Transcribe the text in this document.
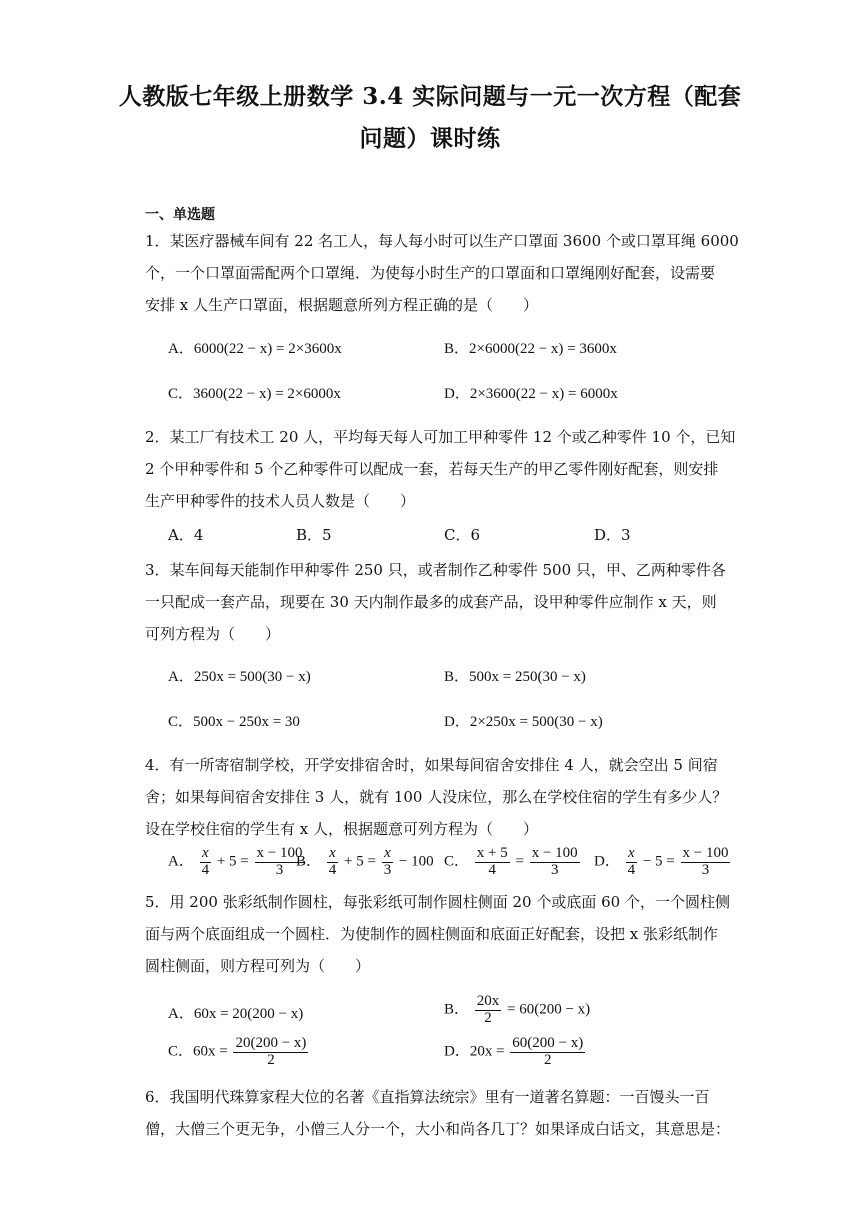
人教版七年级上册数学 3.4 实际问题与一元一次方程（配套
问题）课时练
一、单选题
1．某医疗器械车间有 22 名工人，每人每小时可以生产口罩面 3600 个或口罩耳绳 6000
个，一个口罩面需配两个口罩绳．为使每小时生产的口罩面和口罩绳刚好配套，设需要
安排 x 人生产口罩面，根据题意所列方程正确的是（　　）
A．6000(22 − x) = 2×3600x	B．2×6000(22 − x) = 3600x
C．3600(22 − x) = 2×6000x	D．2×3600(22 − x) = 6000x
2．某工厂有技术工 20 人，平均每天每人可加工甲种零件 12 个或乙种零件 10 个，已知
2 个甲种零件和 5 个乙种零件可以配成一套，若每天生产的甲乙零件刚好配套，则安排
生产甲种零件的技术人员人数是（　　）
A．4	B．5	C．6	D．3
3．某车间每天能制作甲种零件 250 只，或者制作乙种零件 500 只，甲、乙两种零件各
一只配成一套产品，现要在 30 天内制作最多的成套产品，设甲种零件应制作 x 天，则
可列方程为（　　）
A．250x = 500(30 − x)	B．500x = 250(30 − x)
C．500x − 250x = 30	D．2×250x = 500(30 − x)
4．有一所寄宿制学校，开学安排宿舍时，如果每间宿舍安排住 4 人，就会空出 5 间宿
舍；如果每间宿舍安排住 3 人，就有 100 人没床位，那么在学校住宿的学生有多少人？
设在学校住宿的学生有 x 人，根据题意可列方程为（　　）
A． $\frac{x}{4} + 5 = \frac{x - 100}{3}$
B． $\frac{x}{4} + 5 = \frac{x}{3} - 100$ C． $\frac{x + 5}{4} = \frac{x - 100}{3}$ D． $\frac{x}{4} - 5 = \frac{x - 100}{3}$
5．用 200 张彩纸制作圆柱，每张彩纸可制作圆柱侧面 20 个或底面 60 个，一个圆柱侧
面与两个底面组成一个圆柱．为使制作的圆柱侧面和底面正好配套，设把 x 张彩纸制作
圆柱侧面，则方程可列为（　　）
A．60x = 20(200 − x)	B． $\frac{20x}{2} = 60(200 - x)$
C．$60x = \frac{20(200 - x)}{2}$	D．$20x = \frac{60(200 - x)}{2}$
6．我国明代珠算家程大位的名著《直指算法统宗》里有一道著名算题：一百馒头一百
僧，大僧三个更无争，小僧三人分一个，大小和尚各几丁？如果译成白话文，其意思是：
